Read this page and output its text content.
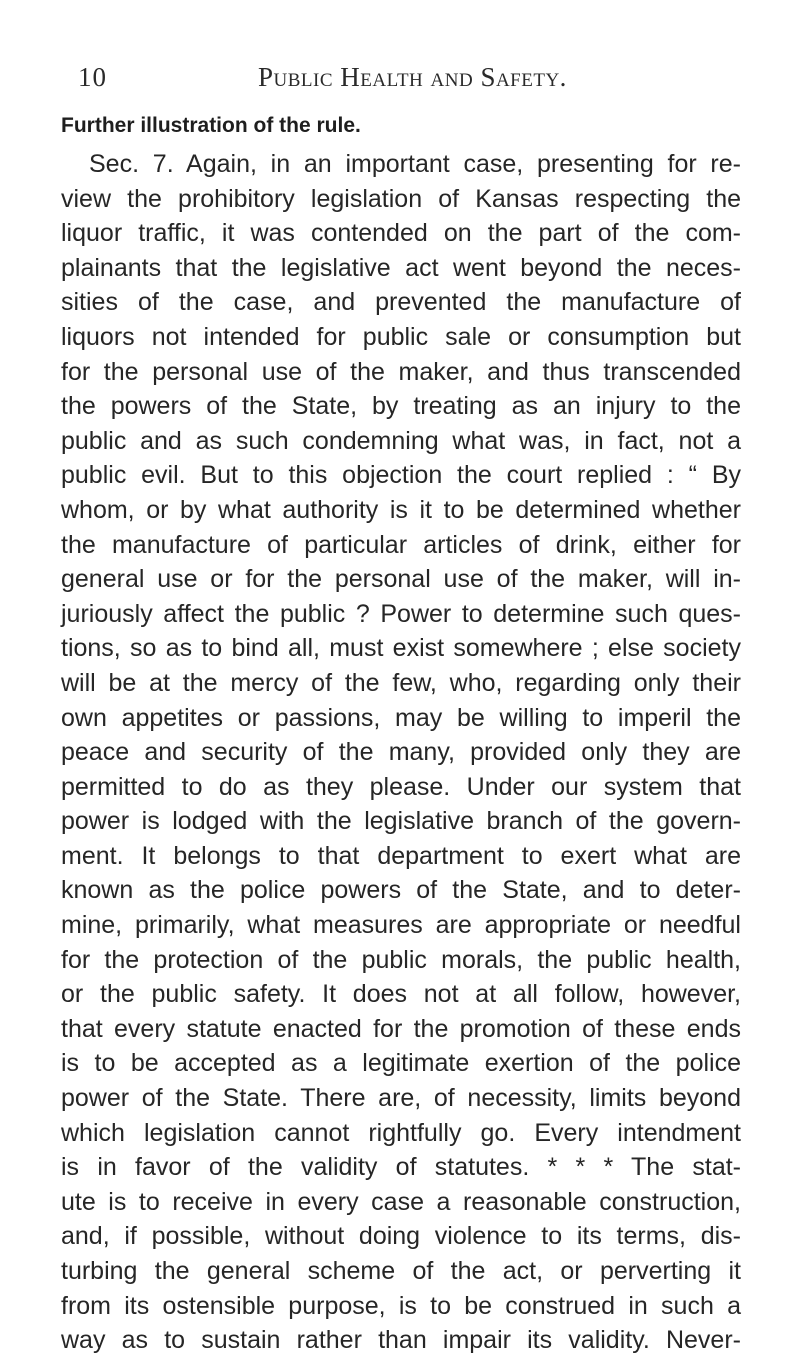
10	Public Health and Safety.
Further illustration of the rule.
Sec. 7. Again, in an important case, presenting for re-
view the prohibitory legislation of Kansas respecting the
liquor traffic, it was contended on the part of the com-
plainants that the legislative act went beyond the neces-
sities of the case, and prevented the manufacture of
liquors not intended for public sale or consumption but
for the personal use of the maker, and thus transcended
the powers of the State, by treating as an injury to the
public and as such condemning what was, in fact, not a
public evil. But to this objection the court replied : “ By
whom, or by what authority is it to be determined whether
the manufacture of particular articles of drink, either for
general use or for the personal use of the maker, will in-
juriously affect the public ? Power to determine such ques-
tions, so as to bind all, must exist somewhere ; else society
will be at the mercy of the few, who, regarding only their
own appetites or passions, may be willing to imperil the
peace and security of the many, provided only they are
permitted to do as they please. Under our system that
power is lodged with the legislative branch of the govern-
ment. It belongs to that department to exert what are
known as the police powers of the State, and to deter-
mine, primarily, what measures are appropriate or needful
for the protection of the public morals, the public health,
or the public safety. It does not at all follow, however,
that every statute enacted for the promotion of these ends
is to be accepted as a legitimate exertion of the police
power of the State. There are, of necessity, limits beyond
which legislation cannot rightfully go. Every intendment
is in favor of the validity of statutes. * * * The stat-
ute is to receive in every case a reasonable construction,
and, if possible, without doing violence to its terms, dis-
turbing the general scheme of the act, or perverting it
from its ostensible purpose, is to be construed in such a
way as to sustain rather than impair its validity. Never-
